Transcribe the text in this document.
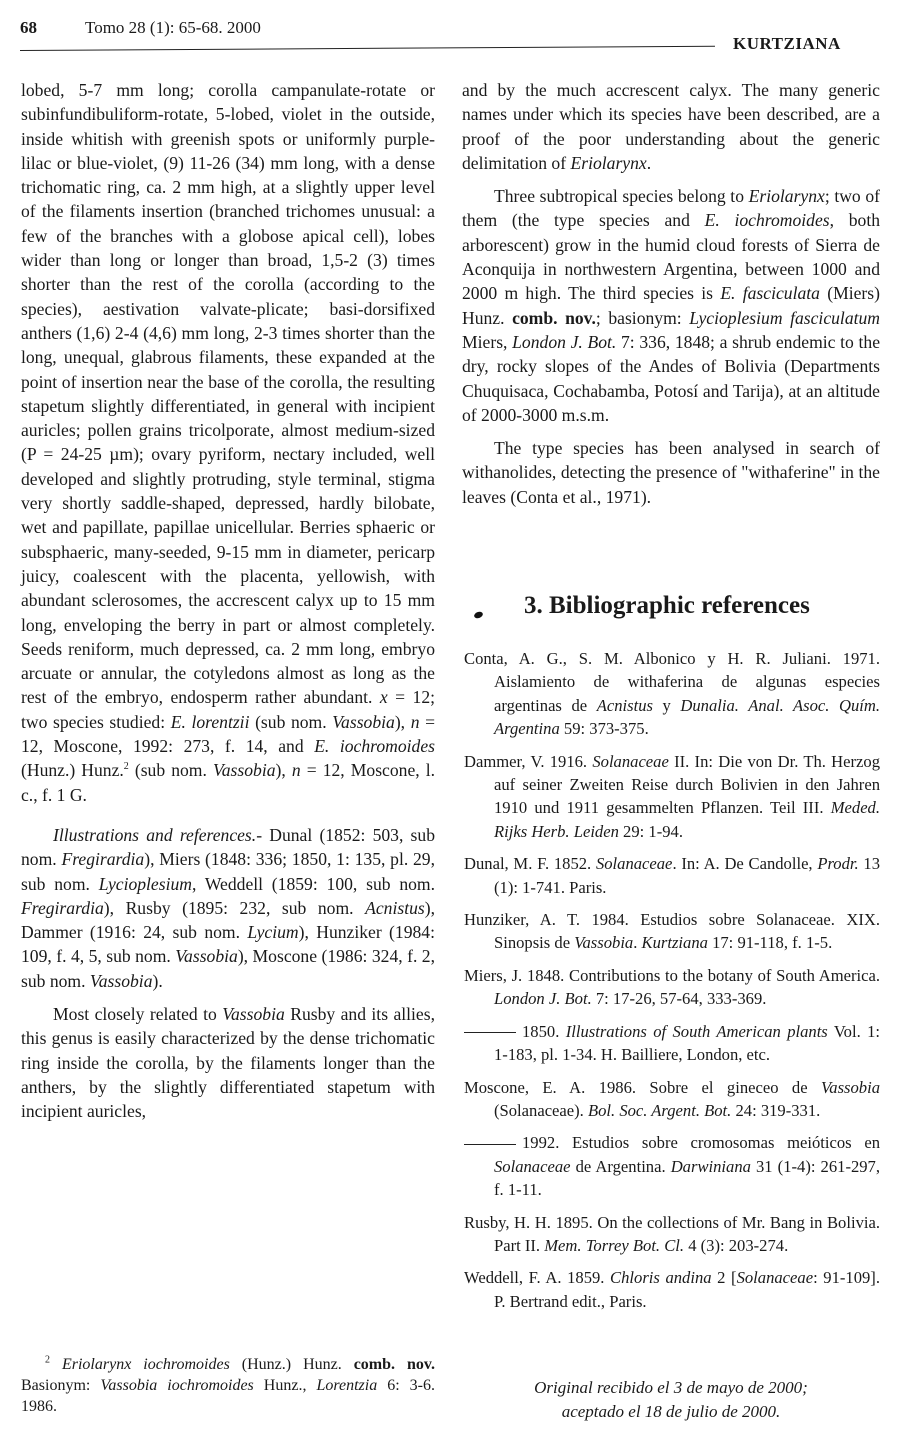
68	Tomo 28 (1): 65-68. 2000
KURTZIANA

lobed, 5-7 mm long; corolla campanulate-rotate or subinfundibuliform-rotate, 5-lobed, violet in the outside, inside whitish with greenish spots or uniformly purple-lilac or blue-violet, (9) 11-26 (34) mm long, with a dense trichomatic ring, ca. 2 mm high, at a slightly upper level of the filaments insertion (branched trichomes unusual: a few of the branches with a globose apical cell), lobes wider than long or longer than broad, 1,5-2 (3) times shorter than the rest of the corolla (according to the species), aestivation valvate-plicate; basi-dorsifixed anthers (1,6) 2-4 (4,6) mm long, 2-3 times shorter than the long, unequal, glabrous filaments, these expanded at the point of insertion near the base of the corolla, the resulting stapetum slightly differentiated, in general with incipient auricles; pollen grains tricolporate, almost medium-sized (P = 24-25 µm); ovary pyriform, nectary included, well developed and slightly protruding, style terminal, stigma very shortly saddle-shaped, depressed, hardly bilobate, wet and papillate, papillae unicellular. Berries sphaeric or subsphaeric, many-seeded, 9-15 mm in diameter, pericarp juicy, coalescent with the placenta, yellowish, with abundant sclerosomes, the accrescent calyx up to 15 mm long, enveloping the berry in part or almost completely. Seeds reniform, much depressed, ca. 2 mm long, embryo arcuate or annular, the cotyledons almost as long as the rest of the embryo, endosperm rather abundant. x = 12; two species studied: E. lorentzii (sub nom. Vassobia), n = 12, Moscone, 1992: 273, f. 14, and E. iochromoides (Hunz.) Hunz.$^2$ (sub nom. Vassobia), n = 12, Moscone, l. c., f. 1 G.

Illustrations and references.- Dunal (1852: 503, sub nom. Fregirardia), Miers (1848: 336; 1850, 1: 135, pl. 29, sub nom. Lycioplesium, Weddell (1859: 100, sub nom. Fregirardia), Rusby (1895: 232, sub nom. Acnistus), Dammer (1916: 24, sub nom. Lycium), Hunziker (1984: 109, f. 4, 5, sub nom. Vassobia), Moscone (1986: 324, f. 2, sub nom. Vassobia).

Most closely related to Vassobia Rusby and its allies, this genus is easily characterized by the dense trichomatic ring inside the corolla, by the filaments longer than the anthers, by the slightly differentiated stapetum with incipient auricles,

$^2$ Eriolarynx iochromoides (Hunz.) Hunz. comb. nov. Basionym: Vassobia iochromoides Hunz., Lorentzia 6: 3-6. 1986.

and by the much accrescent calyx. The many generic names under which its species have been described, are a proof of the poor understanding about the generic delimitation of Eriolarynx.

Three subtropical species belong to Eriolarynx; two of them (the type species and E. iochromoides, both arborescent) grow in the humid cloud forests of Sierra de Aconquija in northwestern Argentina, between 1000 and 2000 m high. The third species is E. fasciculata (Miers) Hunz. comb. nov.; basionym: Lycioplesium fasciculatum Miers, London J. Bot. 7: 336, 1848; a shrub endemic to the dry, rocky slopes of the Andes of Bolivia (Departments Chuquisaca, Cochabamba, Potosí and Tarija), at an altitude of 2000-3000 m.s.m.

The type species has been analysed in search of withanolides, detecting the presence of "withaferine" in the leaves (Conta et al., 1971).

3. Bibliographic references
Conta, A. G., S. M. Albonico y H. R. Juliani. 1971. Aislamiento de withaferina de algunas especies argentinas de Acnistus y Dunalia. Anal. Asoc. Quím. Argentina 59: 373-375.
Dammer, V. 1916. Solanaceae II. In: Die von Dr. Th. Herzog auf seiner Zweiten Reise durch Bolivien in den Jahren 1910 und 1911 gesammelten Pflanzen. Teil III. Meded. Rijks Herb. Leiden 29: 1-94.
Dunal, M. F. 1852. Solanaceae. In: A. De Candolle, Prodr. 13 (1): 1-741. Paris.
Hunziker, A. T. 1984. Estudios sobre Solanaceae. XIX. Sinopsis de Vassobia. Kurtziana 17: 91-118, f. 1-5.
Miers, J. 1848. Contributions to the botany of South America. London J. Bot. 7: 17-26, 57-64, 333-369.
1850. Illustrations of South American plants Vol. 1: 1-183, pl. 1-34. H. Bailliere, London, etc.
Moscone, E. A. 1986. Sobre el gineceo de Vassobia (Solanaceae). Bol. Soc. Argent. Bot. 24: 319-331.
1992. Estudios sobre cromosomas meióticos en Solanaceae de Argentina. Darwiniana 31 (1-4): 261-297, f. 1-11.
Rusby, H. H. 1895. On the collections of Mr. Bang in Bolivia. Part II. Mem. Torrey Bot. Cl. 4 (3): 203-274.
Weddell, F. A. 1859. Chloris andina 2 [Solanaceae: 91-109]. P. Bertrand edit., Paris.
Original recibido el 3 de mayo de 2000;
aceptado el 18 de julio de 2000.
